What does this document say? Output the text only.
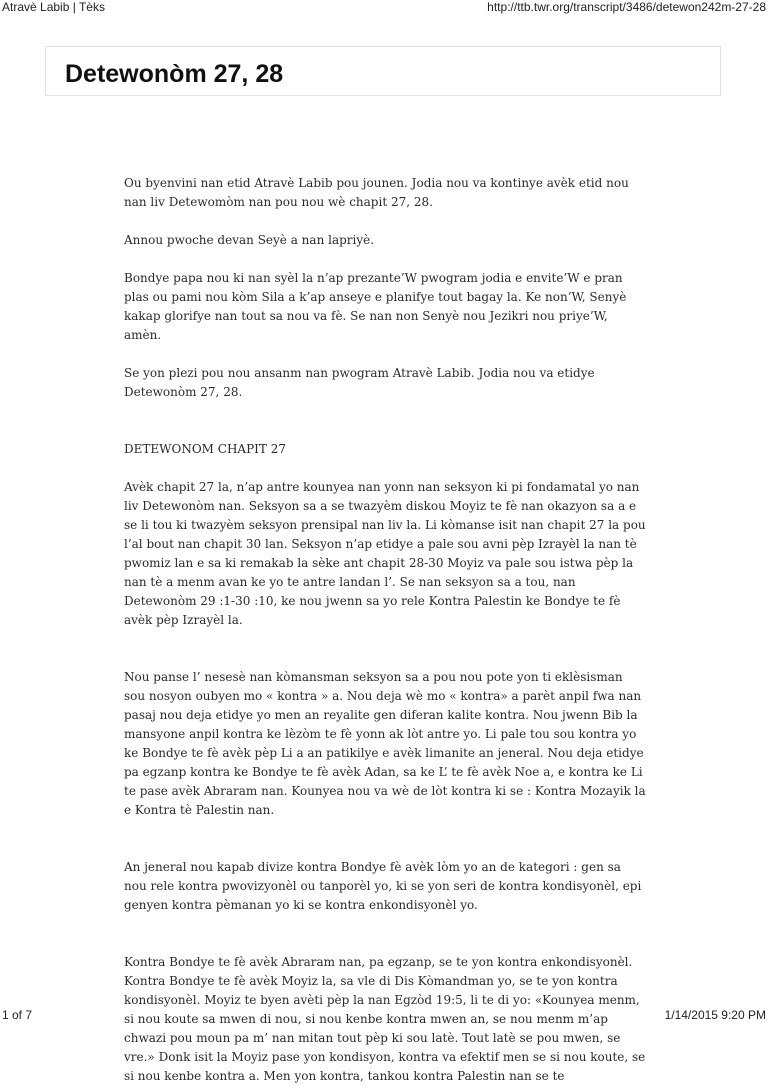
Atravè Labib | Tèks	http://ttb.twr.org/transcript/3486/detewon242m-27-28
Detewonòm 27, 28

Ou byenvini nan etid Atravè Labib pou jounen. Jodia nou va kontinye avèk etid nou nan liv Detewomòm nan pou nou wè chapit 27, 28.

Annou pwoche devan Seyè a nan lapriyè.

Bondye papa nou ki nan syèl la n’ap prezante’W pwogram jodia e envite’W e pran plas ou pami nou kòm Sila a k’ap anseye e planifye tout bagay la. Ke non’W, Senyè kakap glorifye nan tout sa nou va fè. Se nan non Senyè nou Jezikri nou priye’W, amèn.

Se yon plezi pou nou ansanm nan pwogram Atravè Labib. Jodia nou va etidye Detewonòm 27, 28.

DETEWONOM CHAPIT 27

Avèk chapit 27 la, n’ap antre kounyea nan yonn nan seksyon ki pi fondamatal yo nan liv Detewonòm nan. Seksyon sa a se twazyèm diskou Moyiz te fè nan okazyon sa a e se li tou ki twazyèm seksyon prensipal nan liv la. Li kòmanse isit nan chapit 27 la pou l’al bout nan chapit 30 lan. Seksyon n’ap etidye a pale sou avni pèp Izrayèl la nan tè pwomiz lan e sa ki remakab la sèke ant chapit 28-30 Moyiz va pale sou istwa pèp la nan tè a menm avan ke yo te antre landan l’. Se nan seksyon sa a tou, nan Detewonòm 29 :1-30 :10, ke nou jwenn sa yo rele Kontra Palestin ke Bondye te fè avèk pèp Izrayèl la.

Nou panse l’ nesesè nan kòmansman seksyon sa a pou nou pote yon ti eklèsisman sou nosyon oubyen mo « kontra » a. Nou deja wè mo « kontra» a parèt anpil fwa nan pasaj nou deja etidye yo men an reyalite gen diferan kalite kontra. Nou jwenn Bib la mansyone anpil kontra ke lèzòm te fè yonn ak lòt antre yo. Li pale tou sou kontra yo ke Bondye te fè avèk pèp Li a an patikilye e avèk limanite an jeneral. Nou deja etidye pa egzanp kontra ke Bondye te fè avèk Adan, sa ke L’ te fè avèk Noe a, e kontra ke Li te pase avèk Abraram nan. Kounyea nou va wè de lòt kontra ki se : Kontra Mozayik la e Kontra tè Palestin nan.

An jeneral nou kapab divize kontra Bondye fè avèk lòm yo an de kategori : gen sa nou rele kontra pwovizyonèl ou tanporèl yo, ki se yon seri de kontra kondisyonèl, epi genyen kontra pèmanan yo ki se kontra enkondisyonèl yo.

Kontra Bondye te fè avèk Abraram nan, pa egzanp, se te yon kontra enkondisyonèl. Kontra Bondye te fè avèk Moyiz la, sa vle di Dis Kòmandman yo, se te yon kontra kondisyonèl. Moyiz te byen avèti pèp la nan Egzòd 19:5, li te di yo: «Kounyea menm, si nou koute sa mwen di nou, si nou kenbe kontra mwen an, se nou menm m’ap chwazi pou moun pa m’ nan mitan tout pèp ki sou latè. Tout latè se pou mwen, se vre.» Donk isit la Moyiz pase yon kondisyon, kontra va efektif men se si nou koute, se si nou kenbe kontra a. Men yon kontra, tankou kontra Palestin nan se te

1 of 7	1/14/2015 9:20 PM
